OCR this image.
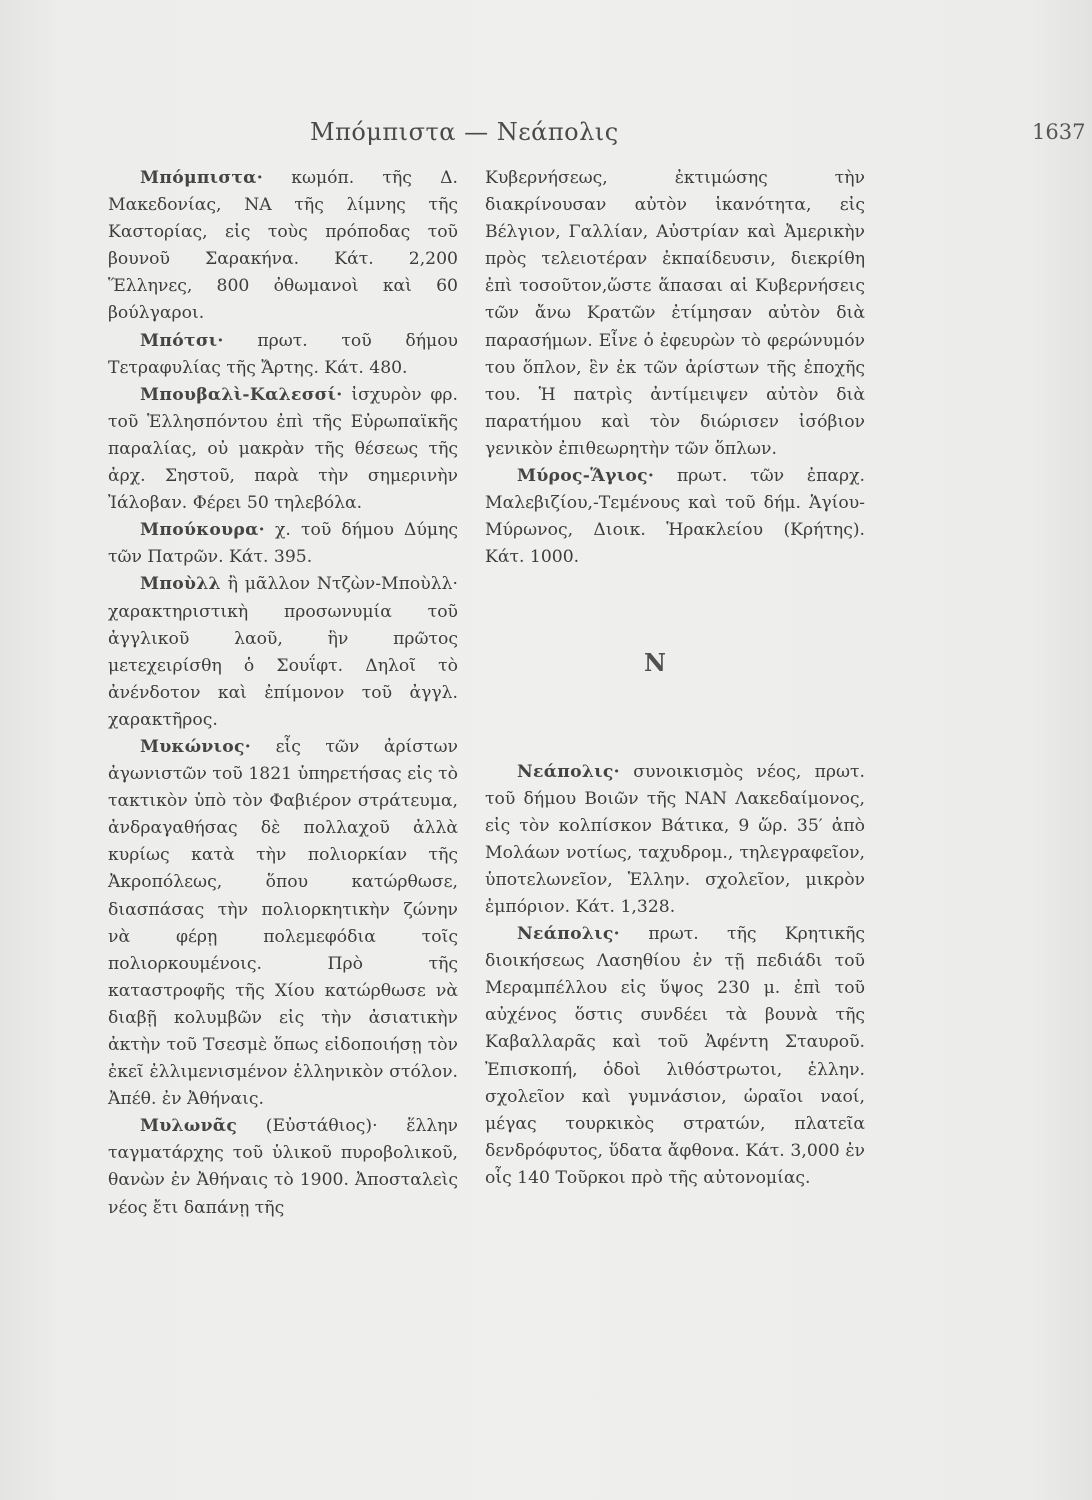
Μπόμπιστα — Νεάπολις	1637

Μπόμπιστα· κωμόπ. τῆς Δ. Μακεδονίας, ΝΑ τῆς λίμνης τῆς Καστορίας, εἰς τοὺς πρόποδας τοῦ βουνοῦ Σαρακήνα. Κάτ. 2,200 Ἕλληνες, 800 ὀθωμανοὶ καὶ 60 βούλγαροι.

Μπότσι· πρωτ. τοῦ δήμου Τετραφυλίας τῆς Ἄρτης. Κάτ. 480.

Μπουβαλὶ-Καλεσσί· ἰσχυρὸν φρ. τοῦ Ἑλλησπόντου ἐπὶ τῆς Εὐρωπαϊκῆς παραλίας, οὐ μακρὰν τῆς θέσεως τῆς ἀρχ. Σηστοῦ, παρὰ τὴν σημερινὴν Ἰάλοβαν. Φέρει 50 τηλεβόλα.

Μπούκουρα· χ. τοῦ δήμου Δύμης τῶν Πατρῶν. Κάτ. 395.

Μποὺλλ ἢ μᾶλλον Ντζὼν-Μποὺλλ· χαρακτηριστικὴ προσωνυμία τοῦ ἀγγλικοῦ λαοῦ, ἣν πρῶτος μετεχειρίσθη ὁ Σουΐφτ. Δηλοῖ τὸ ἀνένδοτον καὶ ἐπίμονον τοῦ ἀγγλ. χαρακτῆρος.

Μυκώνιος· εἷς τῶν ἀρίστων ἀγωνιστῶν τοῦ 1821 ὑπηρετήσας εἰς τὸ τακτικὸν ὑπὸ τὸν Φαβιέρον στράτευμα, ἀνδραγαθήσας δὲ πολλαχοῦ ἀλλὰ κυρίως κατὰ τὴν πολιορκίαν τῆς Ἀκροπόλεως, ὅπου κατώρθωσε, διασπάσας τὴν πολιορκητικὴν ζώνην νὰ φέρῃ πολεμεφόδια τοῖς πολιορκουμένοις. Πρὸ τῆς καταστροφῆς τῆς Χίου κατώρθωσε νὰ διαβῇ κολυμβῶν εἰς τὴν ἀσιατικὴν ἀκτὴν τοῦ Τσεσμὲ ὅπως εἰδοποιήσῃ τὸν ἐκεῖ ἐλλιμενισμένον ἑλληνικὸν στόλον. Ἀπέθ. ἐν Ἀθήναις.

Μυλωνᾶς (Εὐστάθιος)· ἕλλην ταγματάρχης τοῦ ὑλικοῦ πυροβολικοῦ, θανὼν ἐν Ἀθήναις τὸ 1900. Ἀποσταλεὶς νέος ἔτι δαπάνῃ τῆς

Κυβερνήσεως, ἐκτιμώσης τὴν διακρίνουσαν αὐτὸν ἱκανότητα, εἰς Βέλγιον, Γαλλίαν, Αὐστρίαν καὶ Ἀμερικὴν πρὸς τελειοτέραν ἐκπαίδευσιν, διεκρίθη ἐπὶ τοσοῦτον,ὥστε ἅπασαι αἱ Κυβερνήσεις τῶν ἄνω Κρατῶν ἐτίμησαν αὐτὸν διὰ παρασήμων. Εἶνε ὁ ἐφευρὼν τὸ φερώνυμόν του ὅπλον, ἓν ἐκ τῶν ἀρίστων τῆς ἐποχῆς του. Ἡ πατρὶς ἀντίμειψεν αὐτὸν διὰ παρατήμου καὶ τὸν διώρισεν ἰσόβιον γενικὸν ἐπιθεωρητὴν τῶν ὅπλων.

Μύρος-Ἅγιος· πρωτ. τῶν ἐπαρχ. Μαλεβιζίου,-Τεμένους καὶ τοῦ δήμ. Ἁγίου-Μύρωνος, Διοικ. Ἡρακλείου (Κρήτης). Κάτ. 1000.

Ν

Νεάπολις· συνοικισμὸς νέος, πρωτ. τοῦ δήμου Βοιῶν τῆς ΝΑΝ Λακεδαίμονος, εἰς τὸν κολπίσκον Βάτικα, 9 ὥρ. 35′ ἀπὸ Μολάων νοτίως, ταχυδρομ., τηλεγραφεῖον, ὑποτελωνεῖον, Ἑλλην. σχολεῖον, μικρὸν ἐμπόριον. Κάτ. 1,328.

Νεάπολις· πρωτ. τῆς Κρητικῆς διοικήσεως Λασηθίου ἐν τῇ πεδιάδι τοῦ Μεραμπέλλου εἰς ὕψος 230 μ. ἐπὶ τοῦ αὐχένος ὅστις συνδέει τὰ βουνὰ τῆς Καβαλλαρᾶς καὶ τοῦ Ἀφέντη Σταυροῦ. Ἐπισκοπή, ὁδοὶ λιθόστρωτοι, ἑλλην. σχολεῖον καὶ γυμνάσιον, ὡραῖοι ναοί, μέγας τουρκικὸς στρατών, πλατεῖα δενδρόφυτος, ὕδατα ἄφθονα. Κάτ. 3,000 ἐν οἷς 140 Τοῦρκοι πρὸ τῆς αὐτονομίας.
